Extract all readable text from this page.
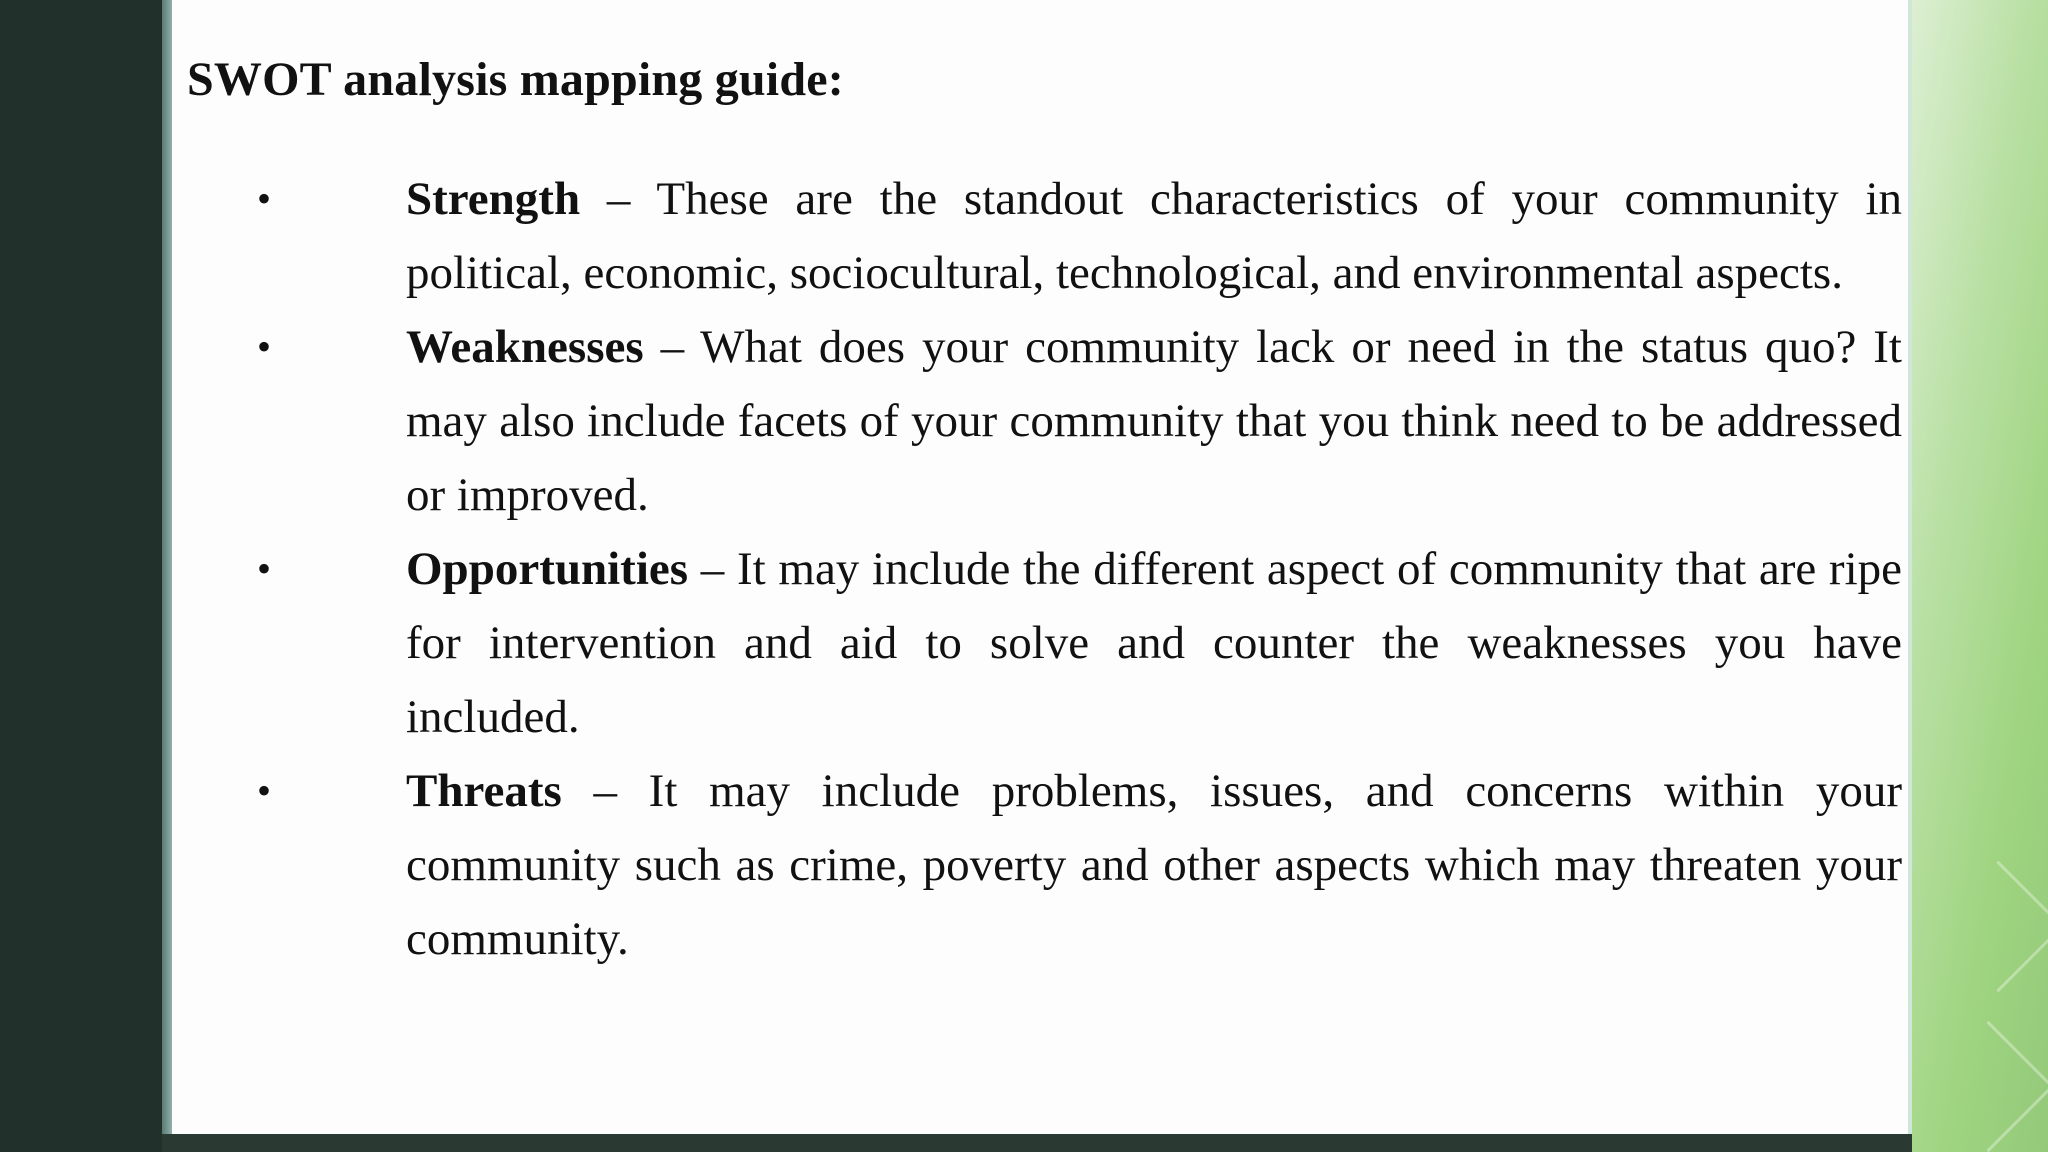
SWOT analysis mapping guide:
•	Strength – These are the standout characteristics of your community in political, economic, sociocultural, technological, and environmental aspects.
•	Weaknesses – What does your community lack or need in the status quo? It may also include facets of your community that you think need to be addressed or improved.
•	Opportunities – It may include the different aspect of community that are ripe for intervention and aid to solve and counter the weaknesses you have included.
•	Threats – It may include problems, issues, and concerns within your community such as crime, poverty and other aspects which may threaten your community.
